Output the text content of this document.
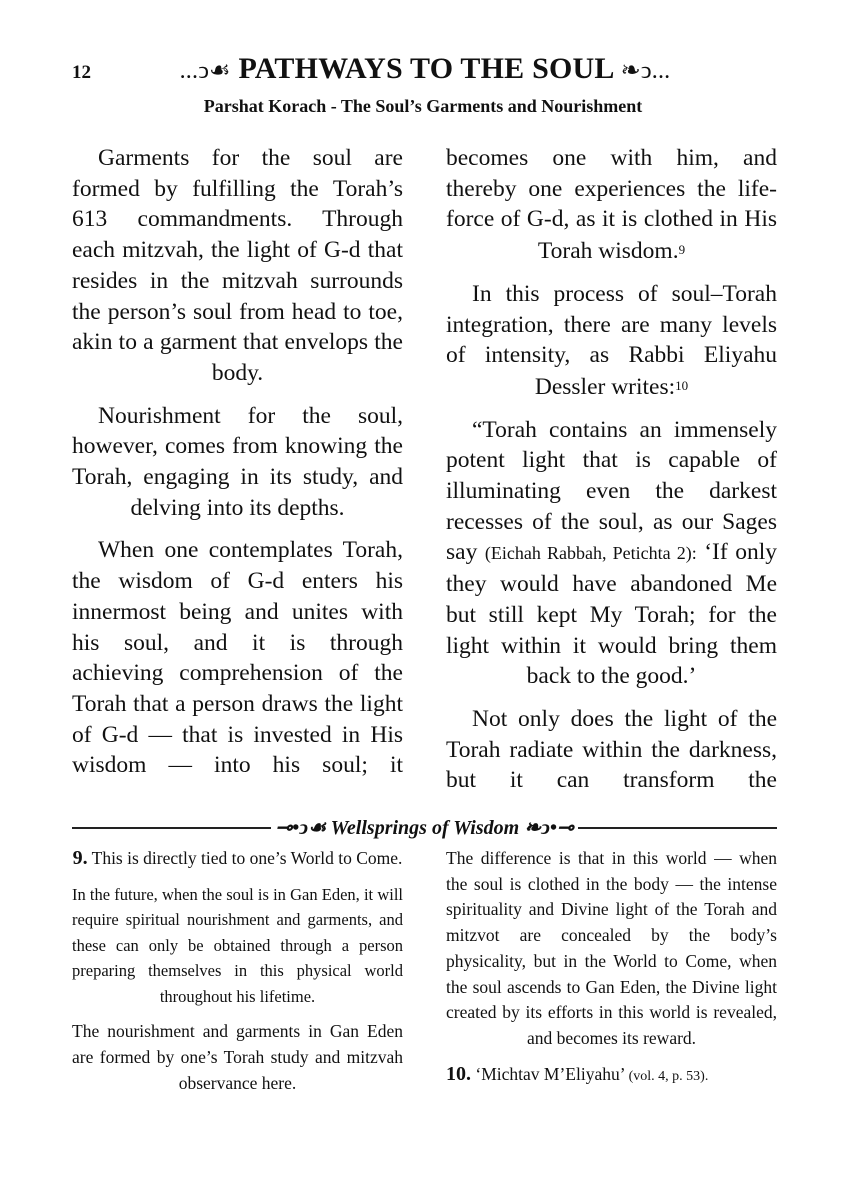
12	...ↄ☙ PATHWAYS TO THE SOUL ❧ↄ...
Parshat Korach - The Soul’s Garments and Nourishment

Garments for the soul are formed by fulfilling the Torah’s 613 commandments. Through each mitzvah, the light of G-d that resides in the mitzvah surrounds the person’s soul from head to toe, akin to a garment that envelops the body.

Nourishment for the soul, however, comes from knowing the Torah, engaging in its study, and delving into its depths.

When one contemplates Torah, the wisdom of G-d enters his innermost being and unites with his soul, and it is through achieving comprehension of the Torah that a person draws the light of G-d — that is invested in His wisdom — into his soul; it

becomes one with him, and thereby one experiences the life-force of G-d, as it is clothed in His Torah wisdom.$^9$

In this process of soul–Torah integration, there are many levels of intensity, as Rabbi Eliyahu Dessler writes:$^{10}$

“Torah contains an immensely potent light that is capable of illuminating even the darkest recesses of the soul, as our Sages say (Eichah Rabbah, Petichta 2): ‘If only they would have abandoned Me but still kept My Torah; for the light within it would bring them back to the good.’

Not only does the light of the Torah radiate within the darkness, but it can transform the

⊸•ↄ☙ Wellsprings of Wisdom ❧ↄ•⊸

9. This is directly tied to one’s World to Come.

In the future, when the soul is in Gan Eden, it will require spiritual nourishment and garments, and these can only be obtained through a person preparing themselves in this physical world throughout his lifetime.

The nourishment and garments in Gan Eden are formed by one’s Torah study and mitzvah observance here.

The difference is that in this world — when the soul is clothed in the body — the intense spirituality and Divine light of the Torah and mitzvot are concealed by the body’s physicality, but in the World to Come, when the soul ascends to Gan Eden, the Divine light created by its efforts in this world is revealed, and becomes its reward.

10. ‘Michtav M’Eliyahu’ (vol. 4, p. 53).
